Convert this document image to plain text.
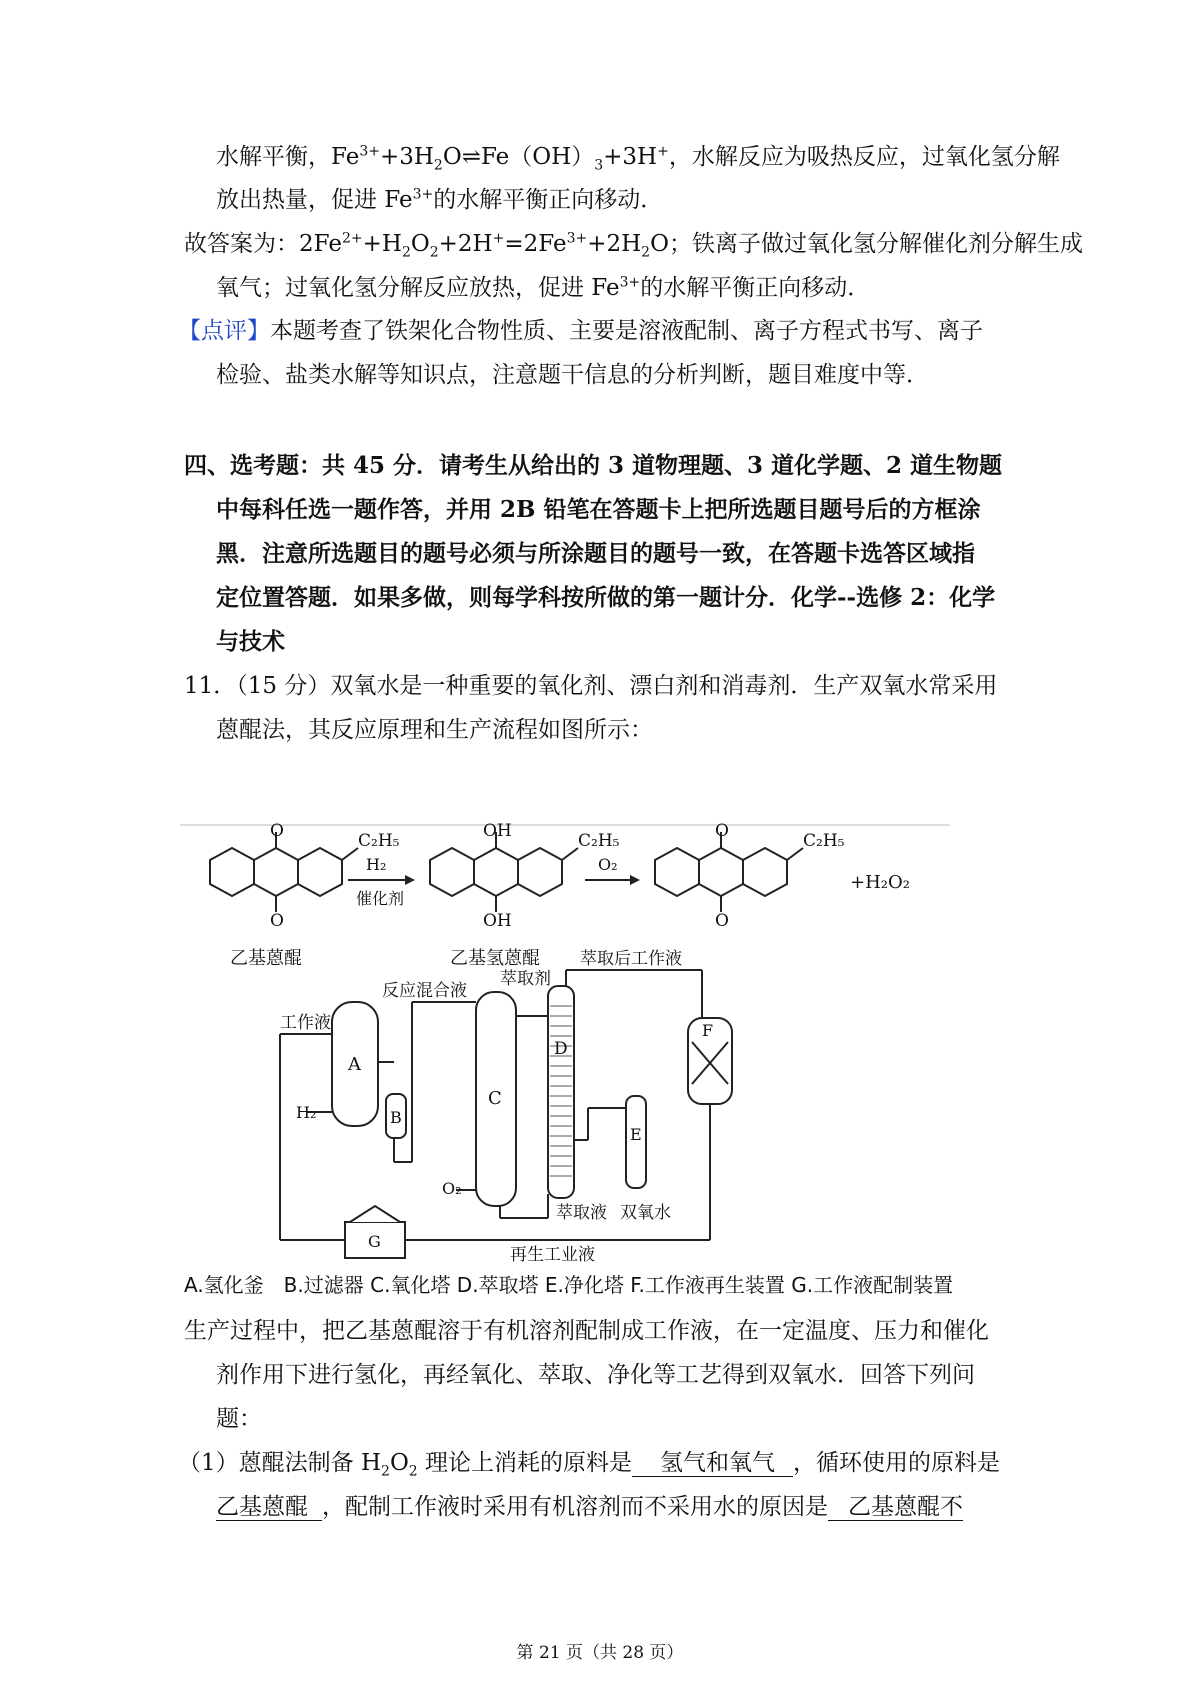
水解平衡，$Fe^{3+}+3H_2O\rightleftharpoons Fe(OH)_3+3H^+$，水解反应为吸热反应，过氧化氢分解
放出热量，促进 $Fe^{3+}$的水解平衡正向移动．
故答案为：$2Fe^{2+}+H_2O_2+2H^+=2Fe^{3+}+2H_2O$；铁离子做过氧化氢分解催化剂分解生成
氧气；过氧化氢分解反应放热，促进 $Fe^{3+}$的水解平衡正向移动．
【点评】本题考查了铁架化合物性质、主要是溶液配制、离子方程式书写、离子
检验、盐类水解等知识点，注意题干信息的分析判断，题目难度中等．
四、选考题：共 45 分．请考生从给出的 3 道物理题、3 道化学题、2 道生物题
中每科任选一题作答，并用 2B 铅笔在答题卡上把所选题目题号后的方框涂
黑．注意所选题目的题号必须与所涂题目的题号一致，在答题卡选答区域指
定位置答题．如果多做，则每学科按所做的第一题计分．化学--选修 2：化学
与技术
11．（15 分）双氧水是一种重要的氧化剂、漂白剂和消毒剂．生产双氧水常采用
蒽醌法，其反应原理和生产流程如图所示：
O
O
C₂H₅
乙基蒽醌
H₂
催化剂
OH
OH
C₂H₅
乙基氢蒽醌
O₂
O
O
C₂H₅
+H₂O₂
A
B
C
D
E
F
G
工作液
H₂
反应混合液
O₂
萃取剂
萃取后工作液
萃取液 双氧水
再生工业液
A.氢化釜　B.过滤器 C.氧化塔 D.萃取塔 E.净化塔 F.工作液再生装置 G.工作液配制装置
生产过程中，把乙基蒽醌溶于有机溶剂配制成工作液，在一定温度、压力和催化
剂作用下进行氢化，再经氧化、萃取、净化等工艺得到双氧水．回答下列问
题：
（1）蒽醌法制备 $H_2O_2$ 理论上消耗的原料是 氢气和氧气 ，循环使用的原料是
乙基蒽醌 ，配制工作液时采用有机溶剂而不采用水的原因是 乙基蒽醌不
第 21 页（共 28 页）
